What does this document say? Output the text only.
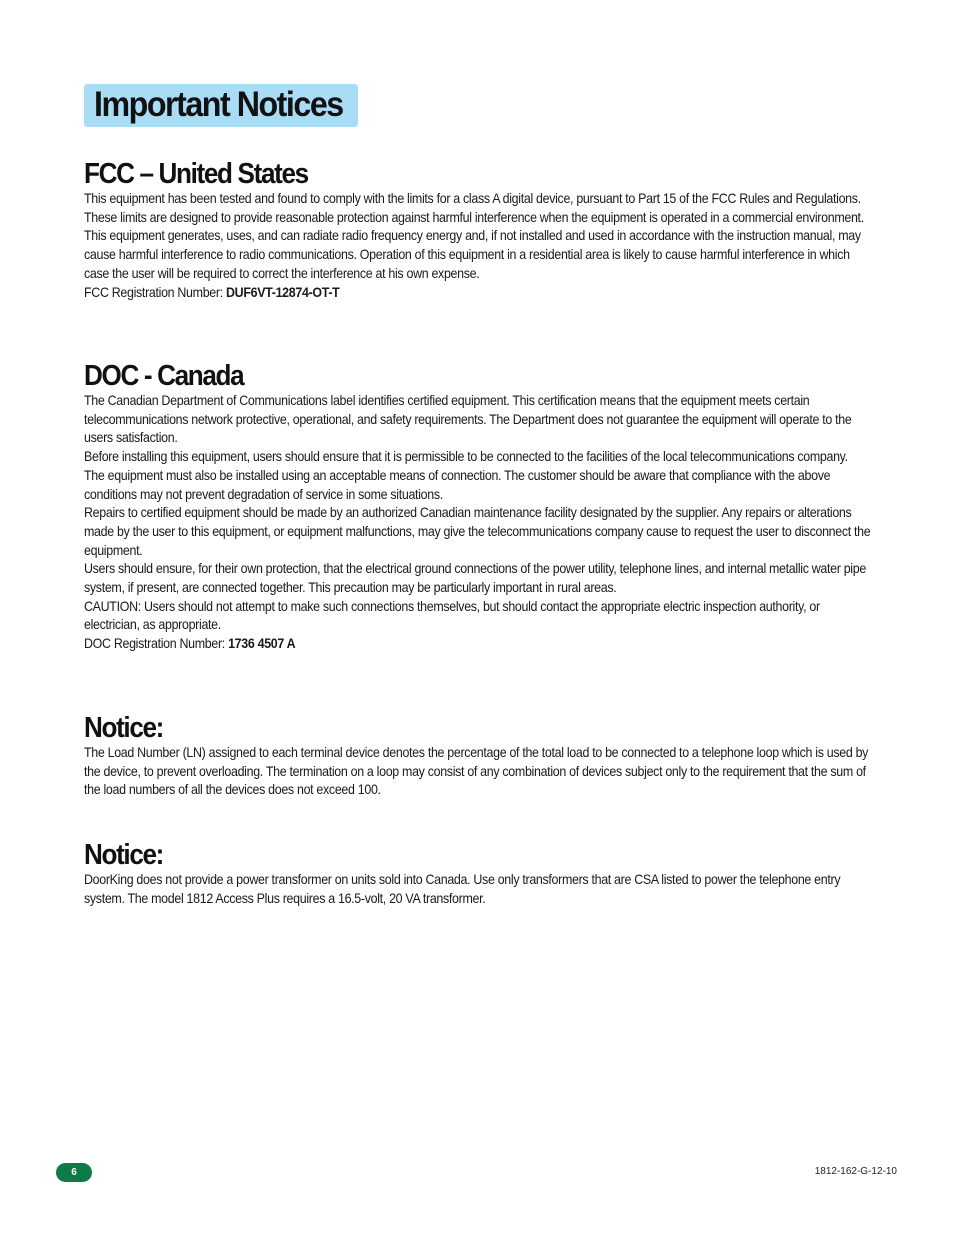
Important Notices
FCC – United States

This equipment has been tested and found to comply with the limits for a class A digital device, pursuant to Part 15 of the FCC Rules and Regulations. These limits are designed to provide reasonable protection against harmful interference when the equipment is operated in a commercial environment. This equipment generates, uses, and can radiate radio frequency energy and, if not installed and used in accordance with the instruction manual, may cause harmful interference to radio communications. Operation of this equipment in a residential area is likely to cause harmful interference in which case the user will be required to correct the interference at his own expense.

FCC Registration Number: DUF6VT-12874-OT-T

DOC - Canada

The Canadian Department of Communications label identifies certified equipment. This certification means that the equipment meets certain telecommunications network protective, operational, and safety requirements. The Department does not guarantee the equipment will operate to the users satisfaction.

Before installing this equipment, users should ensure that it is permissible to be connected to the facilities of the local telecommunications company. The equipment must also be installed using an acceptable means of connection. The customer should be aware that compliance with the above conditions may not prevent degradation of service in some situations.

Repairs to certified equipment should be made by an authorized Canadian maintenance facility designated by the supplier. Any repairs or alterations made by the user to this equipment, or equipment malfunctions, may give the telecommunications company cause to request the user to disconnect the equipment.

Users should ensure, for their own protection, that the electrical ground connections of the power utility, telephone lines, and internal metallic water pipe system, if present, are connected together. This precaution may be particularly important in rural areas.

CAUTION: Users should not attempt to make such connections themselves, but should contact the appropriate electric inspection authority, or electrician, as appropriate.

DOC Registration Number: 1736 4507 A

Notice:

The Load Number (LN) assigned to each terminal device denotes the percentage of the total load to be connected to a telephone loop which is used by the device, to prevent overloading. The termination on a loop may consist of any combination of devices subject only to the requirement that the sum of the load numbers of all the devices does not exceed 100.

Notice:

DoorKing does not provide a power transformer on units sold into Canada. Use only transformers that are CSA listed to power the telephone entry system. The model 1812 Access Plus requires a 16.5-volt, 20 VA transformer.

6	1812-162-G-12-10
